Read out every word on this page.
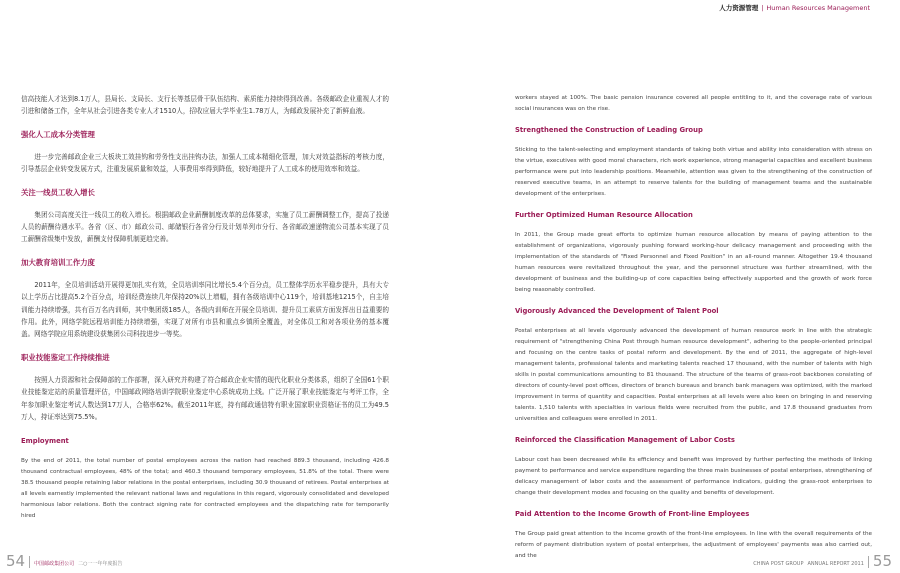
人力资源管理 | Human Resources Management

信高技能人才达到8.1万人，县局长、支局长、支行长等基层骨干队伍结构、素质能力持续得到改善。各级邮政企业重视人才的引进和储备工作，全年从社会引进各类专业人才1510人，招收应届大学毕业生1.78万人，为邮政发展补充了新鲜血液。

强化人工成本分类管理

　　进一步完善邮政企业三大板块工效挂钩和劳务性支出挂钩办法，加强人工成本精细化管理，加大对效益指标的考核力度，引导基层企业转变发展方式，注重发展质量和效益，人事费用率得到降低，较好地提升了人工成本的使用效率和效益。

关注一线员工收入增长

　　集团公司高度关注一线员工的收入增长。根据邮政企业薪酬制度改革的总体要求，实施了员工薪酬调整工作，提高了投递人员的薪酬待遇水平。各省（区、市）邮政公司、邮储银行各省分行及计划单列市分行、各省邮政速递物流公司基本实现了员工薪酬省级集中发放，薪酬支付保障机制更趋完善。

加大教育培训工作力度

　　2011年，全员培训活动开展得更加扎实有效，全员培训率同比增长5.4个百分点，员工整体学历水平稳步提升，具有大专以上学历占比提高5.2个百分点，培训经费连续几年保持20%以上增幅，拥有各级培训中心119个，培训基地1215个，自主培训能力持续增强，共有百万名内训师，其中集团级185人，各级内训师在开展全员培训、提升员工素质方面发挥出日益重要的作用。此外，网络学院远程培训能力持续增强，实现了对所有市县和重点乡镇所全覆盖，对全体员工和对各项业务的基本覆盖。网络学院应用系统建设获集团公司科技进步一等奖。

职业技能鉴定工作持续推进

　　按照人力资源和社会保障部的工作部署，深入研究并构建了符合邮政企业实情的现代化职业分类体系，组织了全国61个职业技能鉴定站的质量管理评估，中国邮政网络培训学院职业鉴定中心系统成功上线。广泛开展了职业技能鉴定与考评工作，全年参加职业鉴定考试人数达到17万人，合格率62%。截至2011年底，持有邮政通信特有职业国家职业资格证书的员工为49.5万人，持证率达到75.5%。

Employment

By the end of 2011, the total number of postal employees across the nation had reached 889.3 thousand, including 426.8 thousand contractual employees, 48% of the total; and 460.3 thousand temporary employees, 51.8% of the total. There were 38.5 thousand people retaining labor relations in the postal enterprises, including 30.9 thousand of retirees. Postal enterprises at all levels earnestly implemented the relevant national laws and regulations in this regard, vigorously consolidated and developed harmonious labor relations. Both the contract signing rate for contracted employees and the dispatching rate for temporarily hired

workers stayed at 100%. The basic pension insurance covered all people entitling to it, and the coverage rate of various social insurances was on the rise.

Strengthened the Construction of Leading Group

Sticking to the talent-selecting and employment standards of taking both virtue and ability into consideration with stress on the virtue, executives with good moral characters, rich work experience, strong managerial capacities and excellent business performance were put into leadership positions. Meanwhile, attention was given to the strengthening of the construction of reserved executive teams, in an attempt to reserve talents for the building of management teams and the sustainable development of the enterprises.

Further Optimized Human Resource Allocation

In 2011, the Group made great efforts to optimize human resource allocation by means of paying attention to the establishment of organizations, vigorously pushing forward working-hour delicacy management and proceeding with the implementation of the standards of "Fixed Personnel and Fixed Position" in an all-round manner. Altogether 19.4 thousand human resources were revitalized throughout the year, and the personnel structure was further streamlined, with the development of business and the building-up of core capacities being effectively supported and the growth of work force being reasonably controlled.

Vigorously Advanced the Development of Talent Pool

Postal enterprises at all levels vigorously advanced the development of human resource work in line with the strategic requirement of "strengthening China Post through human resource development", adhering to the people-oriented principal and focusing on the centre tasks of postal reform and development. By the end of 2011, the aggregate of high-level management talents, professional talents and marketing talents reached 17 thousand, with the number of talents with high skills in postal communications amounting to 81 thousand. The structure of the teams of grass-root backbones consisting of directors of county-level post offices, directors of branch bureaus and branch bank managers was optimized, with the marked improvement in terms of quantity and capacities. Postal enterprises at all levels were also keen on bringing in and reserving talents. 1,510 talents with specialties in various fields were recruited from the public, and 17.8 thousand graduates from universities and colleagues were enrolled in 2011.

Reinforced the Classification Management of Labor Costs

Labour cost has been decreased while its efficiency and benefit was improved by further perfecting the methods of linking payment to performance and service expenditure regarding the three main businesses of postal enterprises, strengthening of delicacy management of labor costs and the assessment of performance indicators, guiding the grass-root enterprises to change their development modes and focusing on the quality and benefits of development.

Paid Attention to the Income Growth of Front-line Employees

The Group paid great attention to the income growth of the front-line employees. In line with the overall requirements of the reform of payment distribution system of postal enterprises, the adjustment of employees' payments was also carried out, and the

54 中国邮政集团公司 二○一一年年度报告	CHINA POST GROUP ANNUAL REPORT 2011 55
